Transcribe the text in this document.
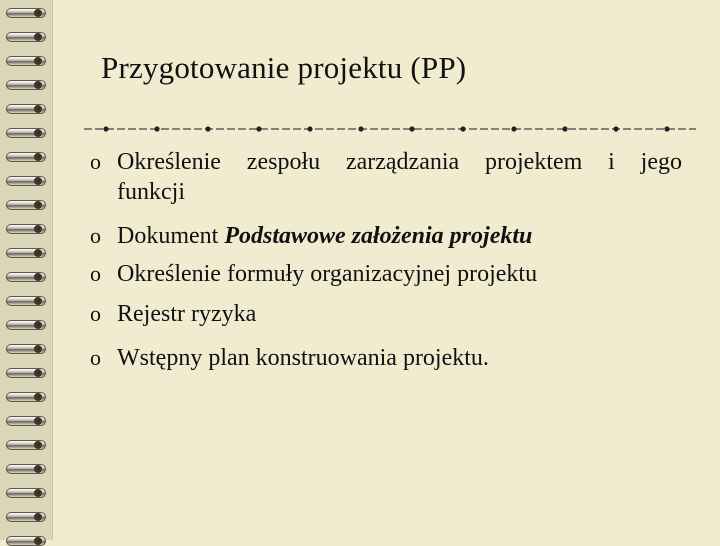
Przygotowanie projektu (PP)
o Określenie zespołu zarządzania projektem i jego
funkcji
o Dokument Podstawowe założenia projektu
o Określenie formuły organizacyjnej projektu
o Rejestr ryzyka
o Wstępny plan konstruowania projektu.
